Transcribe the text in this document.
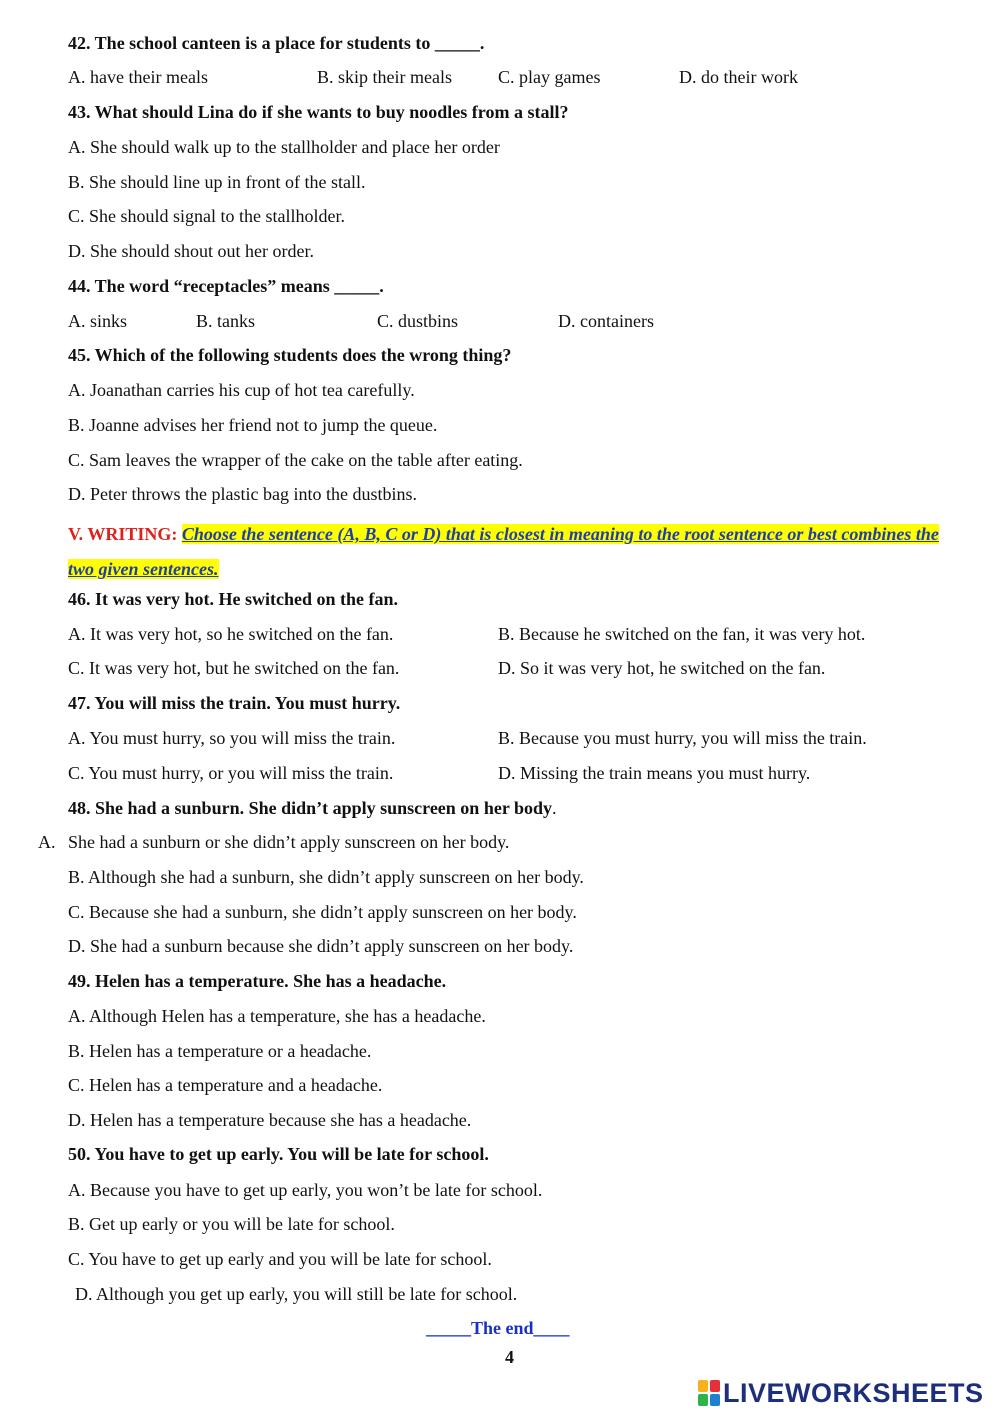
42. The school canteen is a place for students to _____.
A. have their meals	B. skip their meals	C. play games	D. do their work
43. What should Lina do if she wants to buy noodles from a stall?
A. She should walk up to the stallholder and place her order
B. She should line up in front of the stall.
C. She should signal to the stallholder.
D. She should shout out her order.
44. The word “receptacles” means _____.
A. sinks	B. tanks	C. dustbins	D. containers
45. Which of the following students does the wrong thing?
A. Joanathan carries his cup of hot tea carefully.
B. Joanne advises her friend not to jump the queue.
C. Sam leaves the wrapper of the cake on the table after eating.
D. Peter throws the plastic bag into the dustbins.
V. WRITING: Choose the sentence (A, B, C or D) that is closest in meaning to the root sentence or best combines the two given sentences.
46. It was very hot. He switched on the fan.
A. It was very hot, so he switched on the fan.	B. Because he switched on the fan, it was very hot.
C. It was very hot, but he switched on the fan.	D. So it was very hot, he switched on the fan.
47. You will miss the train. You must hurry.
A. You must hurry, so you will miss the train.	B. Because you must hurry, you will miss the train.
C. You must hurry, or you will miss the train.	D. Missing the train means you must hurry.
48. She had a sunburn. She didn’t apply sunscreen on her body.
A. She had a sunburn or she didn’t apply sunscreen on her body.
B. Although she had a sunburn, she didn’t apply sunscreen on her body.
C. Because she had a sunburn, she didn’t apply sunscreen on her body.
D. She had a sunburn because she didn’t apply sunscreen on her body.
49. Helen has a temperature. She has a headache.
A. Although Helen has a temperature, she has a headache.
B. Helen has a temperature or a headache.
C. Helen has a temperature and a headache.
D. Helen has a temperature because she has a headache.
50. You have to get up early. You will be late for school.
A. Because you have to get up early, you won’t be late for school.
B. Get up early or you will be late for school.
C. You have to get up early and you will be late for school.
D. Although you get up early, you will still be late for school.
_____The end____
4
LIVEWORKSHEETS
